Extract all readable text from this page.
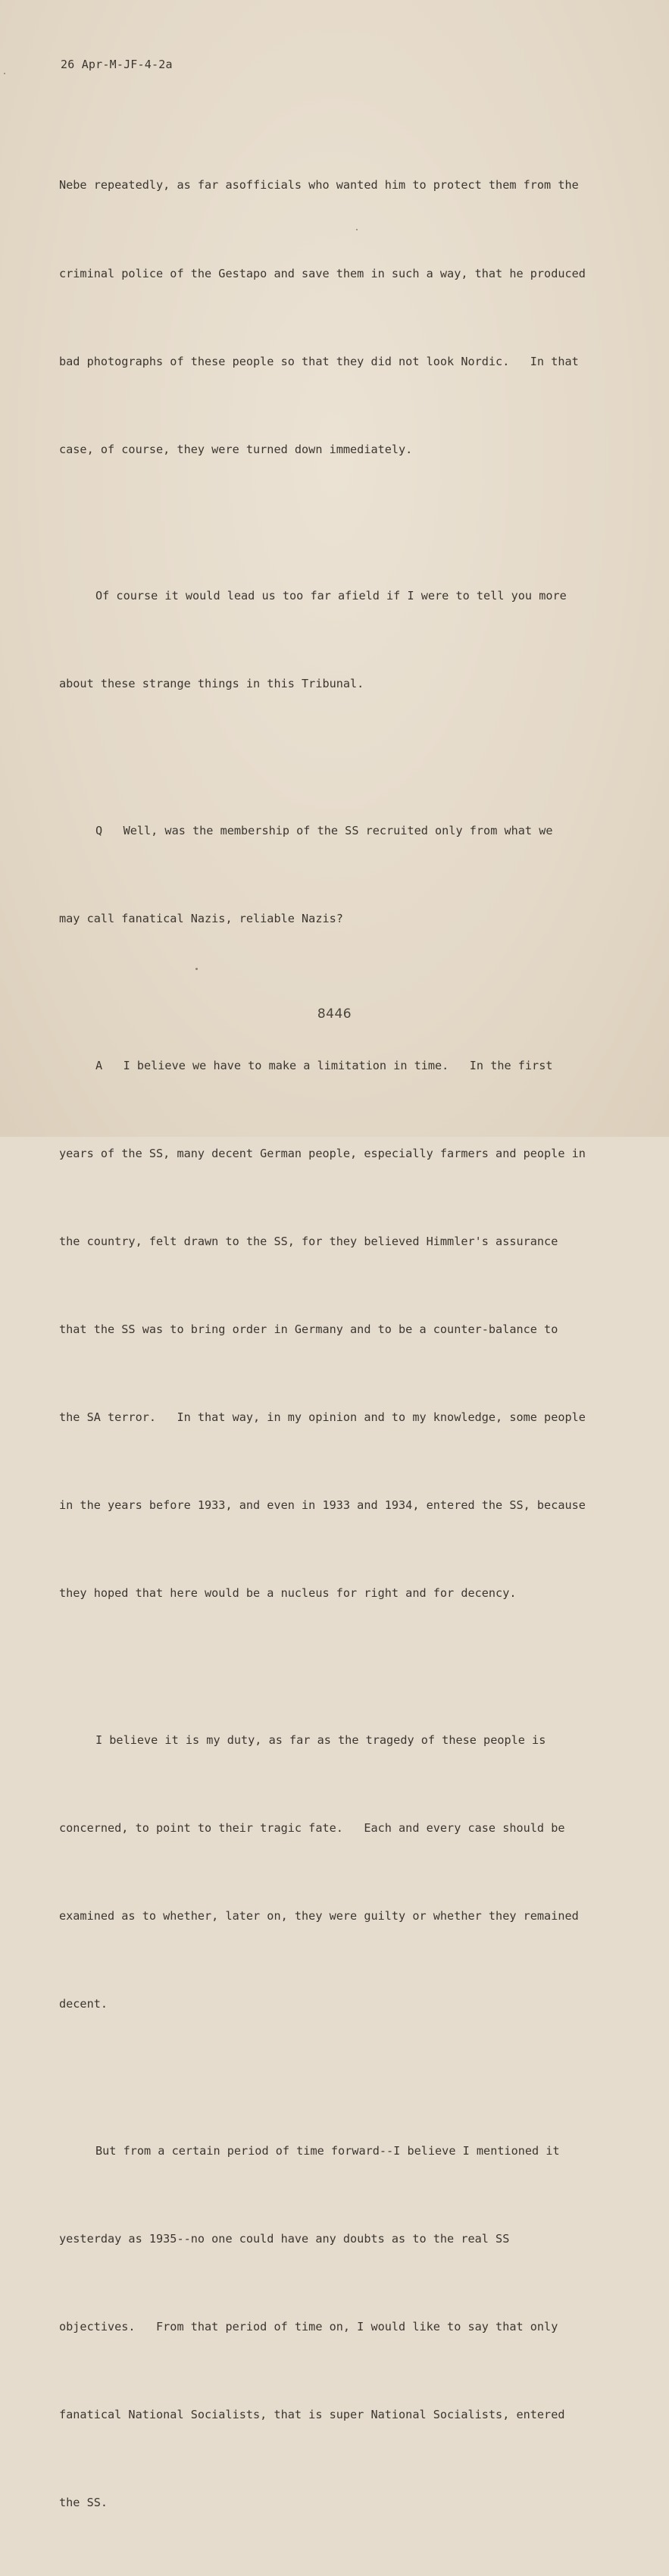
26 Apr-M-JF-4-2a

Nebe repeatedly, as far asofficials who wanted him to protect them from the

criminal police of the Gestapo and save them in such a way, that he produced

bad photographs of these people so that they did not look Nordic.   In that

case, of course, they were turned down immediately.

Of course it would lead us too far afield if I were to tell you more

about these strange things in this Tribunal.

Q   Well, was the membership of the SS recruited only from what we

may call fanatical Nazis, reliable Nazis?

A   I believe we have to make a limitation in time.   In the first

years of the SS, many decent German people, especially farmers and people in

the country, felt drawn to the SS, for they believed Himmler's assurance

that the SS was to bring order in Germany and to be a counter-balance to

the SA terror.   In that way, in my opinion and to my knowledge, some people

in the years before 1933, and even in 1933 and 1934, entered the SS, because

they hoped that here would be a nucleus for right and for decency.

I believe it is my duty, as far as the tragedy of these people is

concerned, to point to their tragic fate.   Each and every case should be

examined as to whether, later on, they were guilty or whether they remained

decent.

But from a certain period of time forward--I believe I mentioned it

yesterday as 1935--no one could have any doubts as to the real SS

objectives.   From that period of time on, I would like to say that only

fanatical National Socialists, that is super National Socialists, entered

the SS.

8446
